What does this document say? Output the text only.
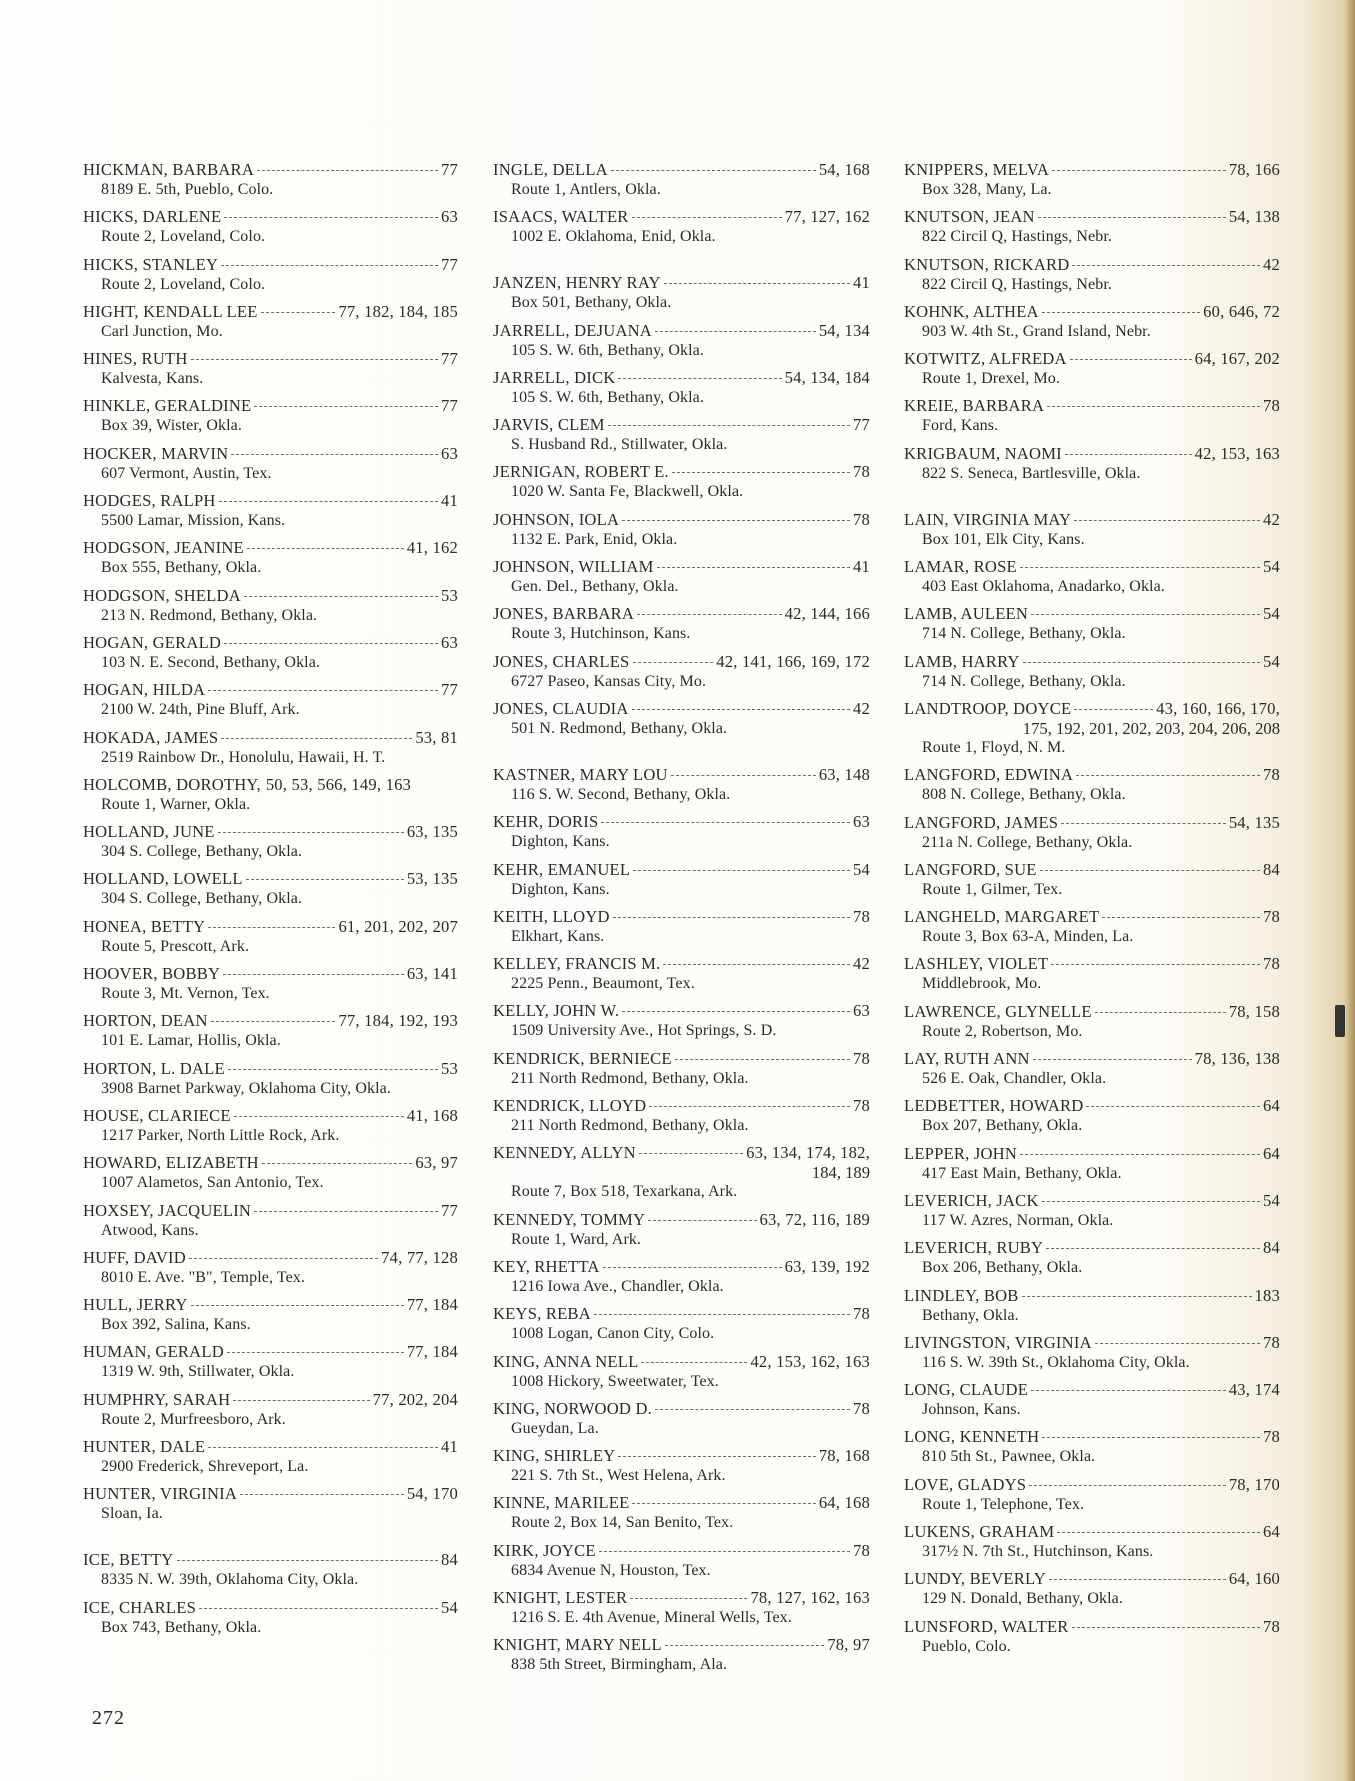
HICKMAN, BARBARA	77
8189 E. 5th, Pueblo, Colo.
HICKS, DARLENE	63
Route 2, Loveland, Colo.
HICKS, STANLEY	77
Route 2, Loveland, Colo.
HIGHT, KENDALL LEE	77, 182, 184, 185
Carl Junction, Mo.
HINES, RUTH	77
Kalvesta, Kans.
HINKLE, GERALDINE	77
Box 39, Wister, Okla.
HOCKER, MARVIN	63
607 Vermont, Austin, Tex.
HODGES, RALPH	41
5500 Lamar, Mission, Kans.
HODGSON, JEANINE	41, 162
Box 555, Bethany, Okla.
HODGSON, SHELDA	53
213 N. Redmond, Bethany, Okla.
HOGAN, GERALD	63
103 N. E. Second, Bethany, Okla.
HOGAN, HILDA	77
2100 W. 24th, Pine Bluff, Ark.
HOKADA, JAMES	53, 81
2519 Rainbow Dr., Honolulu, Hawaii, H. T.
HOLCOMB, DOROTHY, 50, 53, 566, 149, 163
Route 1, Warner, Okla.
HOLLAND, JUNE	63, 135
304 S. College, Bethany, Okla.
HOLLAND, LOWELL	53, 135
304 S. College, Bethany, Okla.
HONEA, BETTY	61, 201, 202, 207
Route 5, Prescott, Ark.
HOOVER, BOBBY	63, 141
Route 3, Mt. Vernon, Tex.
HORTON, DEAN	77, 184, 192, 193
101 E. Lamar, Hollis, Okla.
HORTON, L. DALE	53
3908 Barnet Parkway, Oklahoma City, Okla.
HOUSE, CLARIECE	41, 168
1217 Parker, North Little Rock, Ark.
HOWARD, ELIZABETH	63, 97
1007 Alametos, San Antonio, Tex.
HOXSEY, JACQUELIN	77
Atwood, Kans.
HUFF, DAVID	74, 77, 128
8010 E. Ave. "B", Temple, Tex.
HULL, JERRY	77, 184
Box 392, Salina, Kans.
HUMAN, GERALD	77, 184
1319 W. 9th, Stillwater, Okla.
HUMPHRY, SARAH	77, 202, 204
Route 2, Murfreesboro, Ark.
HUNTER, DALE	41
2900 Frederick, Shreveport, La.
HUNTER, VIRGINIA	54, 170
Sloan, Ia.
ICE, BETTY	84
8335 N. W. 39th, Oklahoma City, Okla.
ICE, CHARLES	54
Box 743, Bethany, Okla.
INGLE, DELLA	54, 168
Route 1, Antlers, Okla.
ISAACS, WALTER	77, 127, 162
1002 E. Oklahoma, Enid, Okla.
JANZEN, HENRY RAY	41
Box 501, Bethany, Okla.
JARRELL, DEJUANA	54, 134
105 S. W. 6th, Bethany, Okla.
JARRELL, DICK	54, 134, 184
105 S. W. 6th, Bethany, Okla.
JARVIS, CLEM	77
S. Husband Rd., Stillwater, Okla.
JERNIGAN, ROBERT E.	78
1020 W. Santa Fe, Blackwell, Okla.
JOHNSON, IOLA	78
1132 E. Park, Enid, Okla.
JOHNSON, WILLIAM	41
Gen. Del., Bethany, Okla.
JONES, BARBARA	42, 144, 166
Route 3, Hutchinson, Kans.
JONES, CHARLES	42, 141, 166, 169, 172
6727 Paseo, Kansas City, Mo.
JONES, CLAUDIA	42
501 N. Redmond, Bethany, Okla.
KASTNER, MARY LOU	63, 148
116 S. W. Second, Bethany, Okla.
KEHR, DORIS	63
Dighton, Kans.
KEHR, EMANUEL	54
Dighton, Kans.
KEITH, LLOYD	78
Elkhart, Kans.
KELLEY, FRANCIS M.	42
2225 Penn., Beaumont, Tex.
KELLY, JOHN W.	63
1509 University Ave., Hot Springs, S. D.
KENDRICK, BERNIECE	78
211 North Redmond, Bethany, Okla.
KENDRICK, LLOYD	78
211 North Redmond, Bethany, Okla.
KENNEDY, ALLYN	63, 134, 174, 182,
184, 189
Route 7, Box 518, Texarkana, Ark.
KENNEDY, TOMMY	63, 72, 116, 189
Route 1, Ward, Ark.
KEY, RHETTA	63, 139, 192
1216 Iowa Ave., Chandler, Okla.
KEYS, REBA	78
1008 Logan, Canon City, Colo.
KING, ANNA NELL	42, 153, 162, 163
1008 Hickory, Sweetwater, Tex.
KING, NORWOOD D.	78
Gueydan, La.
KING, SHIRLEY	78, 168
221 S. 7th St., West Helena, Ark.
KINNE, MARILEE	64, 168
Route 2, Box 14, San Benito, Tex.
KIRK, JOYCE	78
6834 Avenue N, Houston, Tex.
KNIGHT, LESTER	78, 127, 162, 163
1216 S. E. 4th Avenue, Mineral Wells, Tex.
KNIGHT, MARY NELL	78, 97
838 5th Street, Birmingham, Ala.
KNIPPERS, MELVA	78, 166
Box 328, Many, La.
KNUTSON, JEAN	54, 138
822 Circil Q, Hastings, Nebr.
KNUTSON, RICKARD	42
822 Circil Q, Hastings, Nebr.
KOHNK, ALTHEA	60, 646, 72
903 W. 4th St., Grand Island, Nebr.
KOTWITZ, ALFREDA	64, 167, 202
Route 1, Drexel, Mo.
KREIE, BARBARA	78
Ford, Kans.
KRIGBAUM, NAOMI	42, 153, 163
822 S. Seneca, Bartlesville, Okla.
LAIN, VIRGINIA MAY	42
Box 101, Elk City, Kans.
LAMAR, ROSE	54
403 East Oklahoma, Anadarko, Okla.
LAMB, AULEEN	54
714 N. College, Bethany, Okla.
LAMB, HARRY	54
714 N. College, Bethany, Okla.
LANDTROOP, DOYCE	43, 160, 166, 170,
175, 192, 201, 202, 203, 204, 206, 208
Route 1, Floyd, N. M.
LANGFORD, EDWINA	78
808 N. College, Bethany, Okla.
LANGFORD, JAMES	54, 135
211a N. College, Bethany, Okla.
LANGFORD, SUE	84
Route 1, Gilmer, Tex.
LANGHELD, MARGARET	78
Route 3, Box 63-A, Minden, La.
LASHLEY, VIOLET	78
Middlebrook, Mo.
LAWRENCE, GLYNELLE	78, 158
Route 2, Robertson, Mo.
LAY, RUTH ANN	78, 136, 138
526 E. Oak, Chandler, Okla.
LEDBETTER, HOWARD	64
Box 207, Bethany, Okla.
LEPPER, JOHN	64
417 East Main, Bethany, Okla.
LEVERICH, JACK	54
117 W. Azres, Norman, Okla.
LEVERICH, RUBY	84
Box 206, Bethany, Okla.
LINDLEY, BOB	183
Bethany, Okla.
LIVINGSTON, VIRGINIA	78
116 S. W. 39th St., Oklahoma City, Okla.
LONG, CLAUDE	43, 174
Johnson, Kans.
LONG, KENNETH	78
810 5th St., Pawnee, Okla.
LOVE, GLADYS	78, 170
Route 1, Telephone, Tex.
LUKENS, GRAHAM	64
317½ N. 7th St., Hutchinson, Kans.
LUNDY, BEVERLY	64, 160
129 N. Donald, Bethany, Okla.
LUNSFORD, WALTER	78
Pueblo, Colo.
272
